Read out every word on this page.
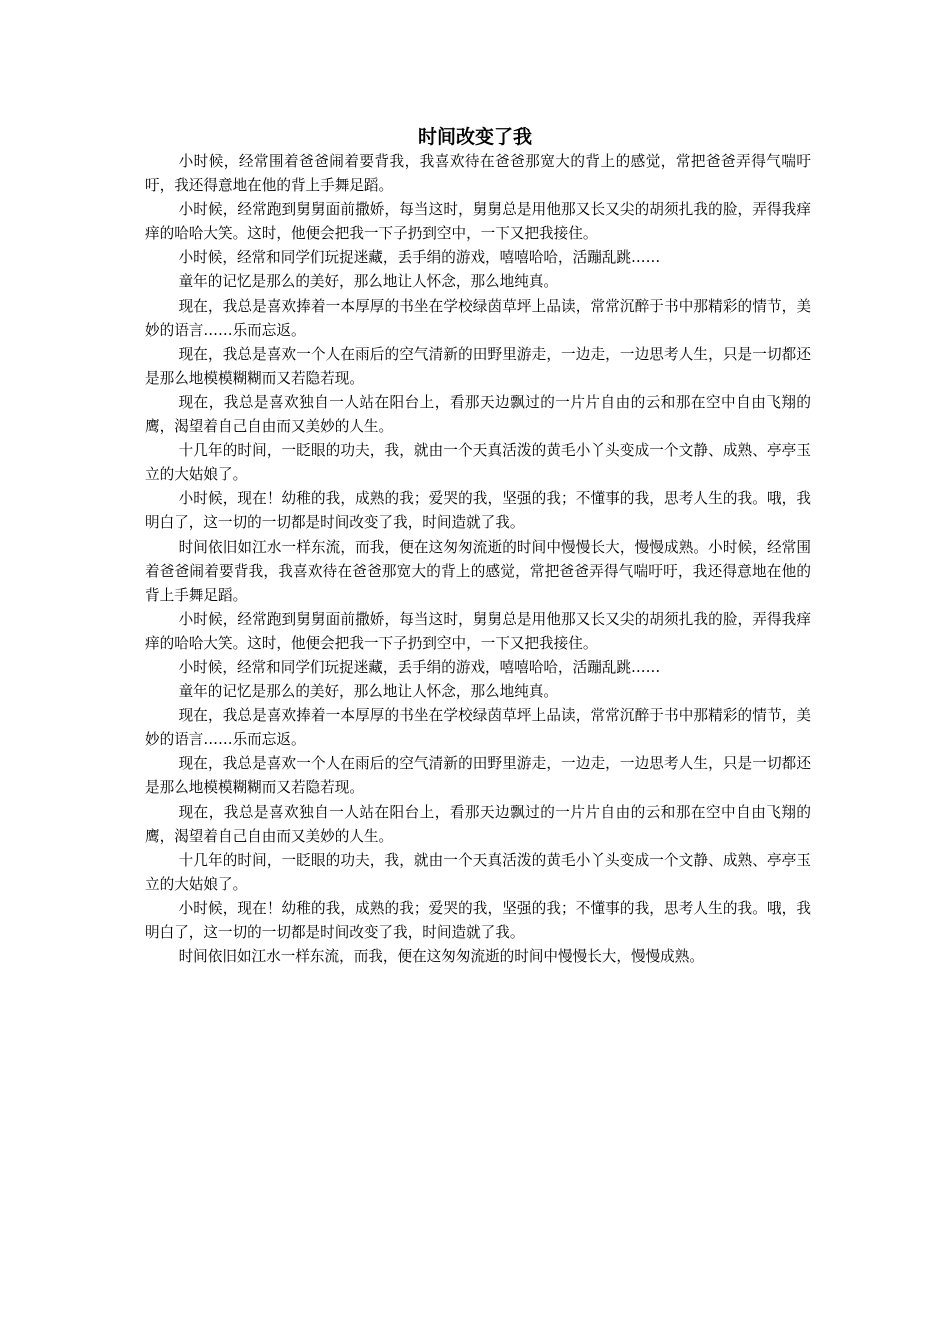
时间改变了我

小时候，经常围着爸爸闹着要背我，我喜欢待在爸爸那宽大的背上的感觉，常把爸爸弄得气喘吁吁，我还得意地在他的背上手舞足蹈。

小时候，经常跑到舅舅面前撒娇，每当这时，舅舅总是用他那又长又尖的胡须扎我的脸，弄得我痒痒的哈哈大笑。这时，他便会把我一下子扔到空中，一下又把我接住。

小时候，经常和同学们玩捉迷藏，丢手绢的游戏，嘻嘻哈哈，活蹦乱跳……

童年的记忆是那么的美好，那么地让人怀念，那么地纯真。

现在，我总是喜欢捧着一本厚厚的书坐在学校绿茵草坪上品读，常常沉醉于书中那精彩的情节，美妙的语言……乐而忘返。

现在，我总是喜欢一个人在雨后的空气清新的田野里游走，一边走，一边思考人生，只是一切都还是那么地模模糊糊而又若隐若现。

现在，我总是喜欢独自一人站在阳台上，看那天边飘过的一片片自由的云和那在空中自由飞翔的鹰，渴望着自己自由而又美妙的人生。

十几年的时间，一眨眼的功夫，我，就由一个天真活泼的黄毛小丫头变成一个文静、成熟、亭亭玉立的大姑娘了。

小时候，现在！幼稚的我，成熟的我；爱哭的我，坚强的我；不懂事的我，思考人生的我。哦，我明白了，这一切的一切都是时间改变了我，时间造就了我。

时间依旧如江水一样东流，而我，便在这匆匆流逝的时间中慢慢长大，慢慢成熟。小时候，经常围着爸爸闹着要背我，我喜欢待在爸爸那宽大的背上的感觉，常把爸爸弄得气喘吁吁，我还得意地在他的背上手舞足蹈。

小时候，经常跑到舅舅面前撒娇，每当这时，舅舅总是用他那又长又尖的胡须扎我的脸，弄得我痒痒的哈哈大笑。这时，他便会把我一下子扔到空中，一下又把我接住。

小时候，经常和同学们玩捉迷藏，丢手绢的游戏，嘻嘻哈哈，活蹦乱跳……

童年的记忆是那么的美好，那么地让人怀念，那么地纯真。

现在，我总是喜欢捧着一本厚厚的书坐在学校绿茵草坪上品读，常常沉醉于书中那精彩的情节，美妙的语言……乐而忘返。

现在，我总是喜欢一个人在雨后的空气清新的田野里游走，一边走，一边思考人生，只是一切都还是那么地模模糊糊而又若隐若现。

现在，我总是喜欢独自一人站在阳台上，看那天边飘过的一片片自由的云和那在空中自由飞翔的鹰，渴望着自己自由而又美妙的人生。

十几年的时间，一眨眼的功夫，我，就由一个天真活泼的黄毛小丫头变成一个文静、成熟、亭亭玉立的大姑娘了。

小时候，现在！幼稚的我，成熟的我；爱哭的我，坚强的我；不懂事的我，思考人生的我。哦，我明白了，这一切的一切都是时间改变了我，时间造就了我。

时间依旧如江水一样东流，而我，便在这匆匆流逝的时间中慢慢长大，慢慢成熟。
